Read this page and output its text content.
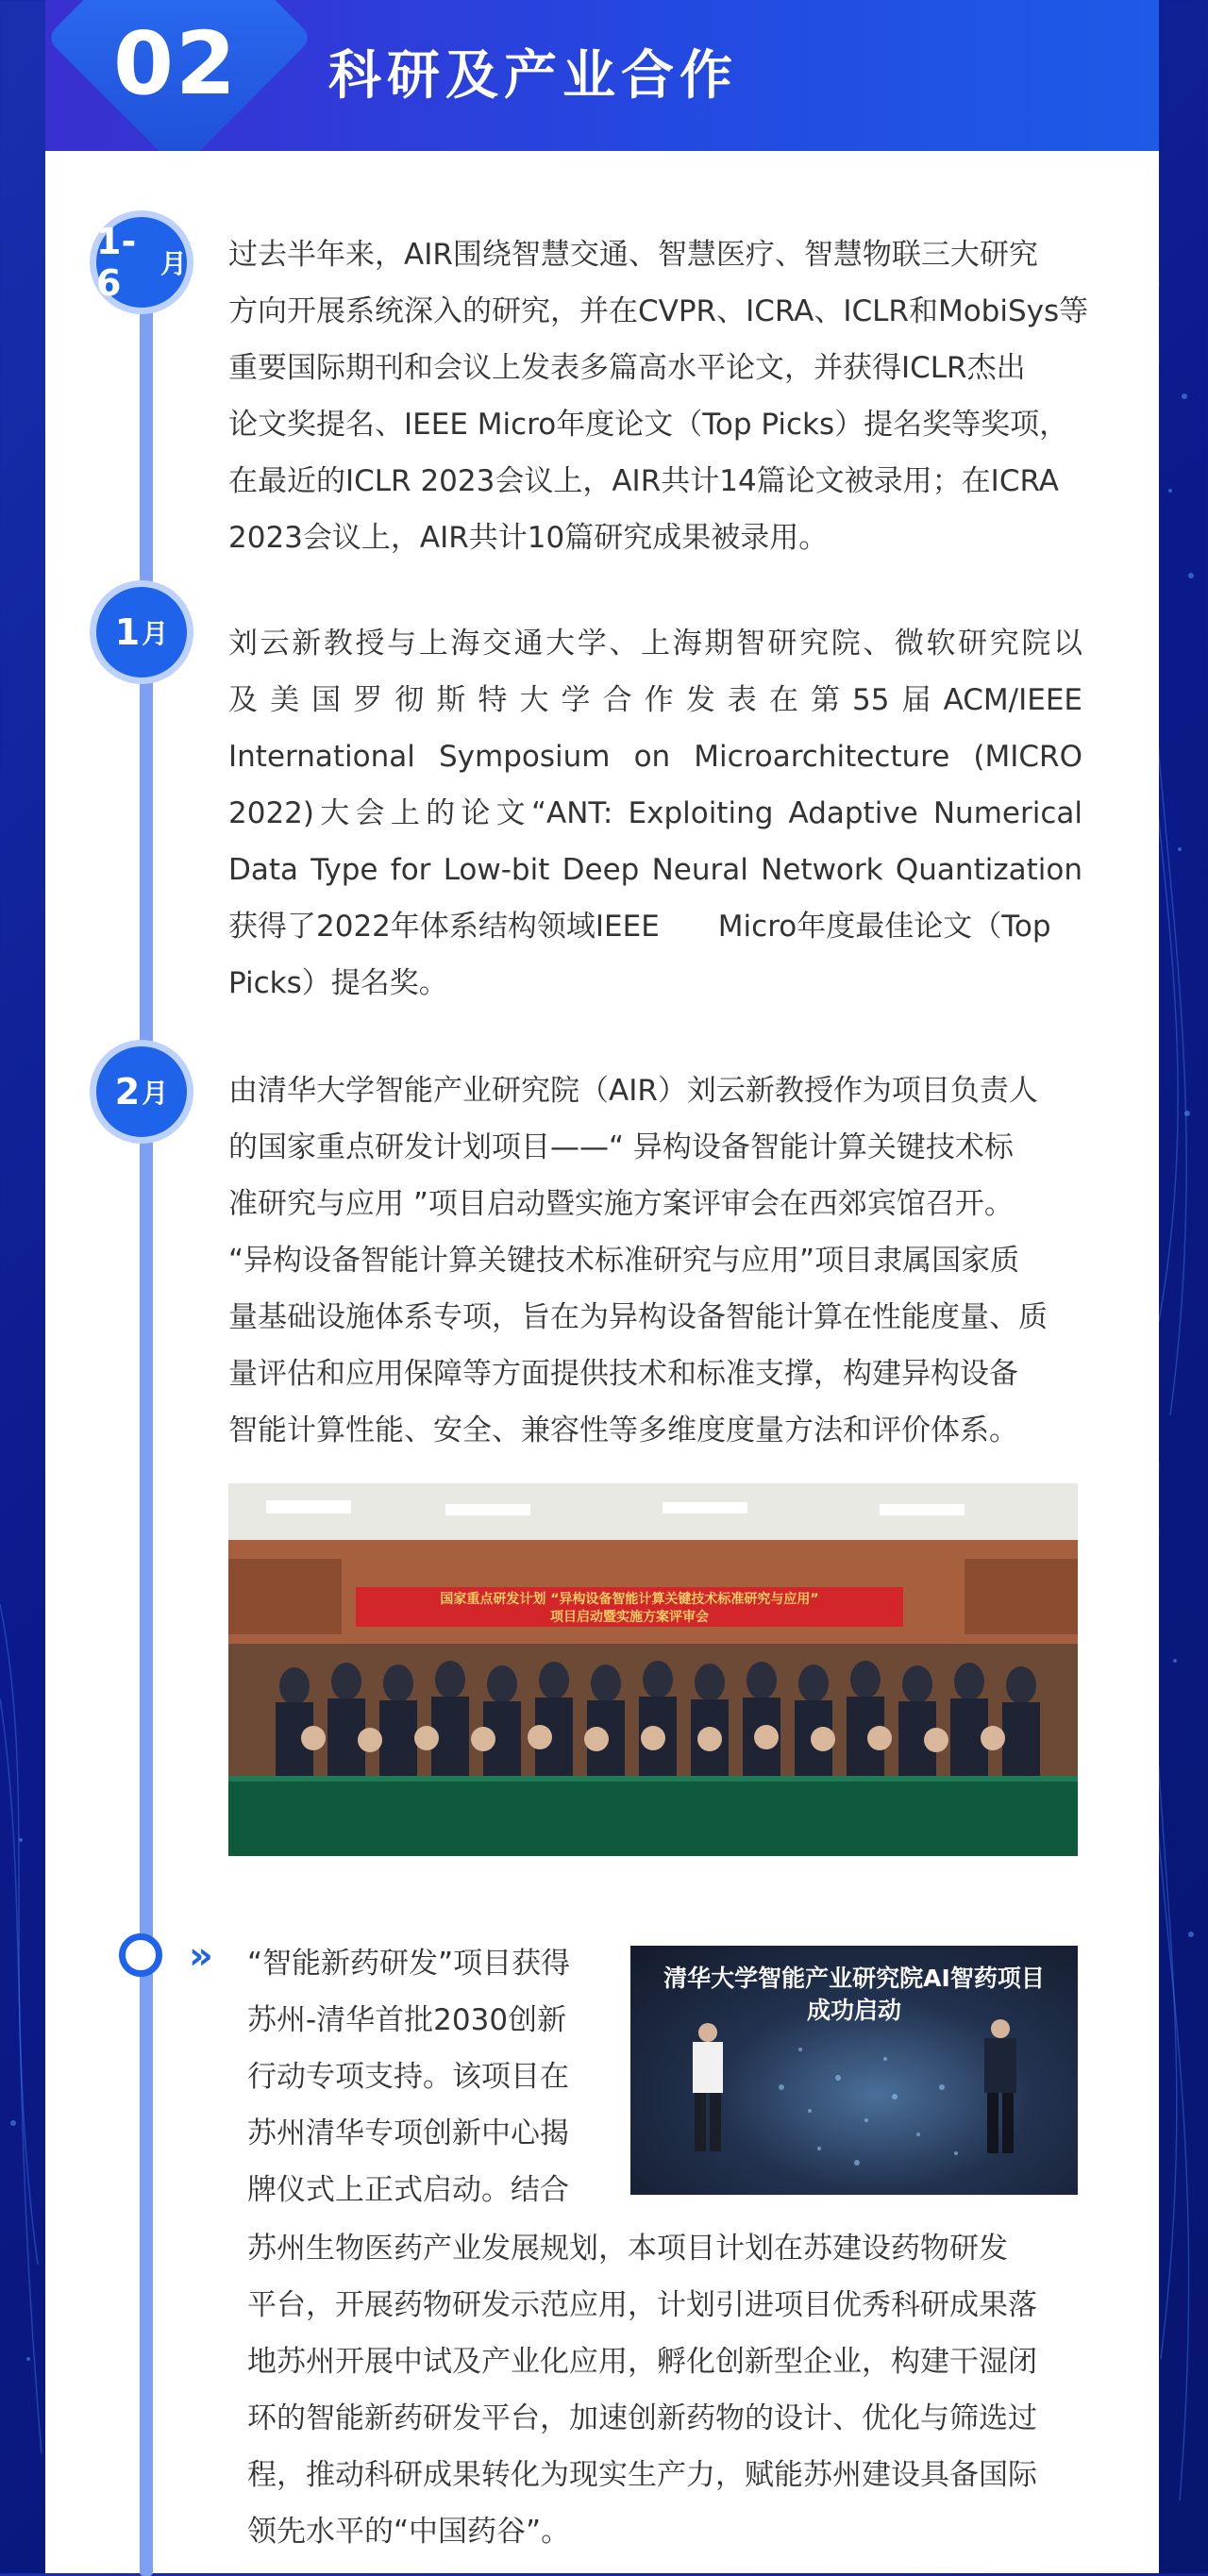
02 科研及产业合作
1-6	月 过去半年来，AIR围绕智慧交通、智慧医疗、智慧物联三大研究
方向开展系统深入的研究，并在CVPR、ICRA、ICLR和MobiSys等
重要国际期刊和会议上发表多篇高水平论文，并获得ICLR杰出
论文奖提名、IEEE Micro年度论文（Top Picks）提名奖等奖项，
在最近的ICLR 2023会议上，AIR共计14篇论文被录用；在ICRA
2023会议上，AIR共计10篇研究成果被录用。
1 月 刘云新教授与上海交通大学、上海期智研究院、微软研究院以
及美国罗彻斯特大学合作发表在第55届ACM/IEEE
International Symposium on Microarchitecture (MICRO
2022)大会上的论文“ANT: Exploiting Adaptive Numerical
Data Type for Low-bit Deep Neural Network Quantization
获得了2022年体系结构领域IEEE　　Micro年度最佳论文（Top
Picks）提名奖。
2 月 由清华大学智能产业研究院（AIR）刘云新教授作为项目负责人
的国家重点研发计划项目——“ 异构设备智能计算关键技术标
准研究与应用 ”项目启动暨实施方案评审会在西郊宾馆召开。
“异构设备智能计算关键技术标准研究与应用”项目隶属国家质
量基础设施体系专项，旨在为异构设备智能计算在性能度量、质
量评估和应用保障等方面提供技术和标准支撑，构建异构设备
智能计算性能、安全、兼容性等多维度度量方法和评价体系。
国家重点研发计划 “异构设备智能计算关键技术标准研究与应用”
项目启动暨实施方案评审会
» “智能新药研发”项目获得
苏州-清华首批2030创新
行动专项支持。该项目在
苏州清华专项创新中心揭
牌仪式上正式启动。结合
清华大学智能产业研究院AI智药项目
成功启动
苏州生物医药产业发展规划，本项目计划在苏建设药物研发
平台，开展药物研发示范应用，计划引进项目优秀科研成果落
地苏州开展中试及产业化应用，孵化创新型企业，构建干湿闭
环的智能新药研发平台，加速创新药物的设计、优化与筛选过
程，推动科研成果转化为现实生产力，赋能苏州建设具备国际
领先水平的“中国药谷”。
